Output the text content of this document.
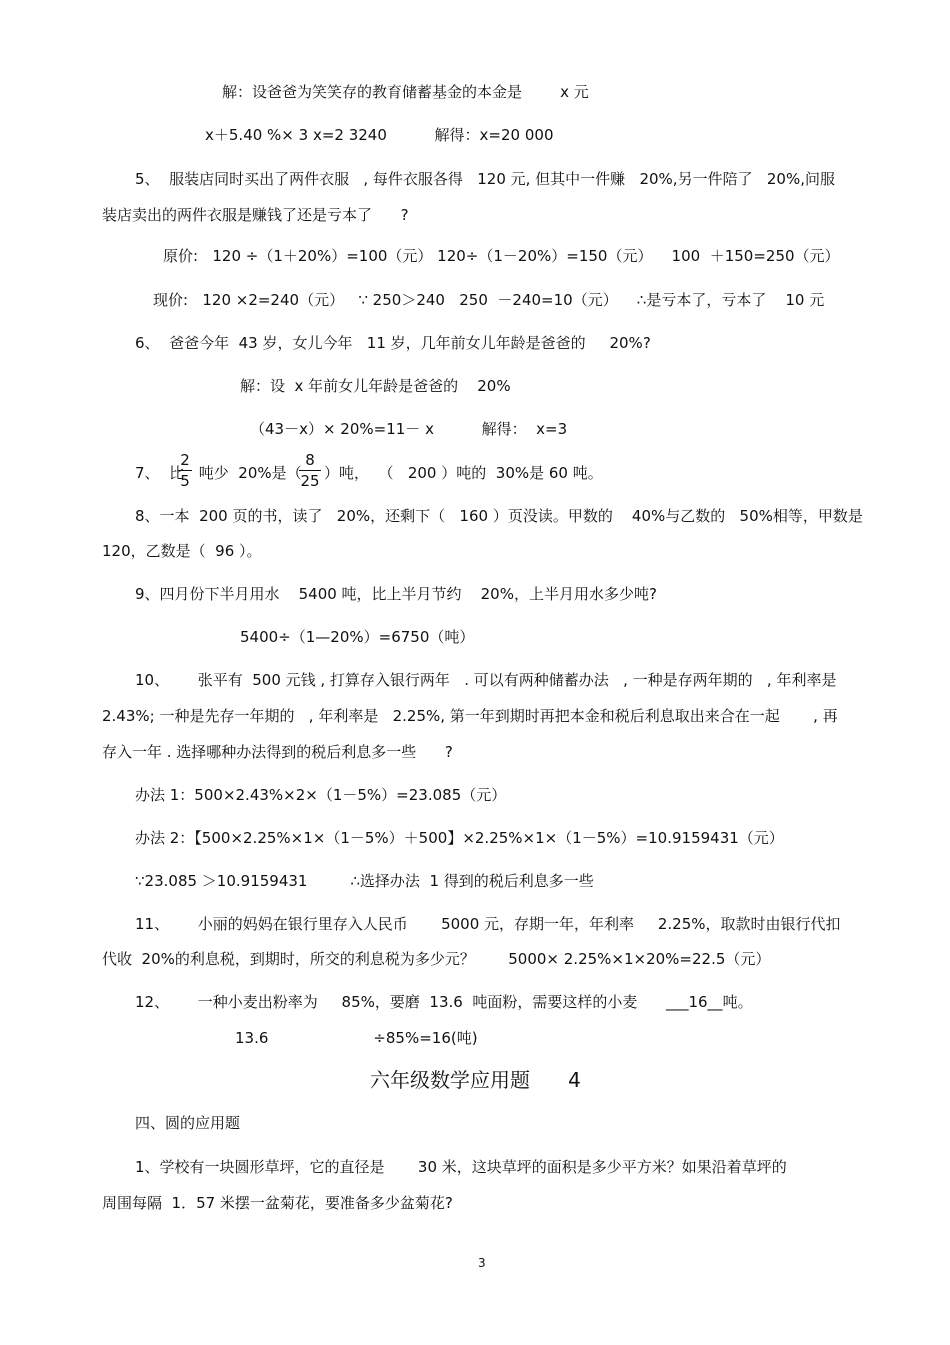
解：设爸爸为笑笑存的教育储蓄基金的本金是        x 元
x＋5.40 %× 3 x=2 3240          解得：x=20 000
5、  服装店同时买出了两件衣服   , 每件衣服各得   120 元, 但其中一件赚   20%,另一件陪了   20%,问服
装店卖出的两件衣服是赚钱了还是亏本了      ?
原价:   120 ÷（1＋20%）=100（元） 120÷（1－20%）=150（元）    100  ＋150=250（元）
现价:   120 ×2=240（元）   ∵ 250＞240   250  －240=10（元）    ∴是亏本了，亏本了    10 元
6、  爸爸今年  43 岁，女儿今年   11 岁，几年前女儿年龄是爸爸的     20%?
解：设  x 年前女儿年龄是爸爸的    20%
（43－x）× 20%=11－ x          解得：  x=3
7、  比
$\frac{2}{5}$ 吨少  20%是（
$\frac{8}{25}$ ）吨，  （   200 ）吨的  30%是 60 吨。
8、一本  200 页的书，读了   20%，还剩下（   160 ）页没读。甲数的    40%与乙数的   50%相等，甲数是
120，乙数是（  96 ）。
9、四月份下半月用水    5400 吨，比上半月节约    20%，上半月用水多少吨?
5400÷（1—20%）=6750（吨）
10、      张平有  500 元钱 , 打算存入银行两年   . 可以有两种储蓄办法   , 一种是存两年期的   , 年利率是
2.43%; 一种是先存一年期的   , 年利率是   2.25%, 第一年到期时再把本金和税后利息取出来合在一起       , 再
存入一年 . 选择哪种办法得到的税后利息多一些      ?
办法 1：500×2.43%×2×（1－5%）=23.085（元）
办法 2：【500×2.25%×1×（1－5%）＋500】×2.25%×1×（1－5%）=10.9159431（元）
∵23.085 ＞10.9159431         ∴选择办法  1 得到的税后利息多一些
11、      小丽的妈妈在银行里存入人民币       5000 元，存期一年，年利率     2.25%，取款时由银行代扣
代收  20%的利息税，到期时，所交的利息税为多少元？       5000× 2.25%×1×20%=22.5（元）
12、      一种小麦出粉率为     85%，要磨  13.6  吨面粉，需要这样的小麦      ___16__吨。
13.6                      ÷85%=16(吨)
六年级数学应用题      4
四、圆的应用题
1、学校有一块圆形草坪，它的直径是       30 米，这块草坪的面积是多少平方米？如果沿着草坪的
周围每隔  1．57 米摆一盆菊花，要准备多少盆菊花?
3
